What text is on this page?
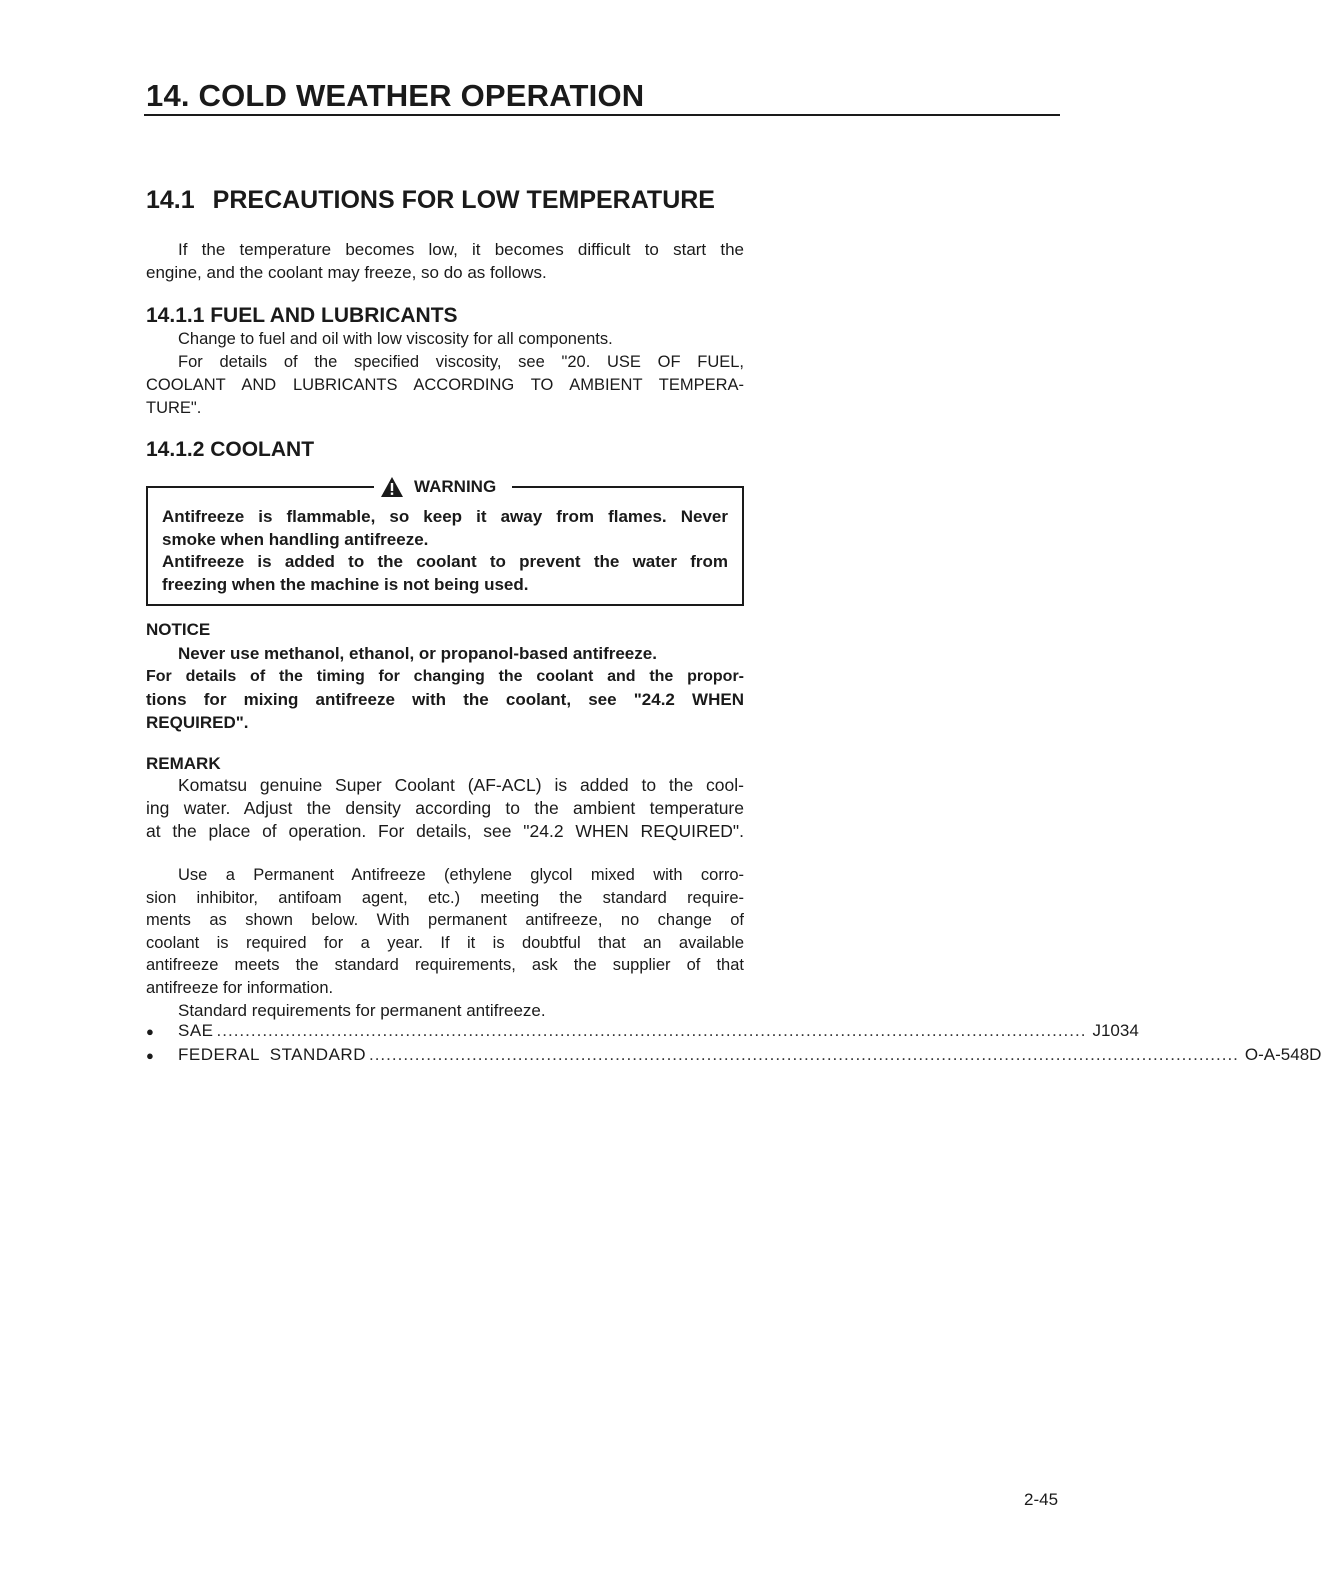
14. COLD WEATHER OPERATION
14.1 PRECAUTIONS FOR LOW TEMPERATURE
If the temperature becomes low, it becomes difficult to start the
engine, and the coolant may freeze, so do as follows.
14.1.1 FUEL AND LUBRICANTS
Change to fuel and oil with low viscosity for all components.
For details of the specified viscosity, see "20. USE OF FUEL,
COOLANT AND LUBRICANTS ACCORDING TO AMBIENT TEMPERA-
TURE".
14.1.2 COOLANT
WARNING
Antifreeze is flammable, so keep it away from flames. Never
smoke when handling antifreeze.
Antifreeze is added to the coolant to prevent the water from
freezing when the machine is not being used.
NOTICE
Never use methanol, ethanol, or propanol-based antifreeze.
For details of the timing for changing the coolant and the propor-
tions for mixing antifreeze with the coolant, see "24.2 WHEN
REQUIRED".
REMARK
Komatsu genuine Super Coolant (AF-ACL) is added to the cool-
ing water. Adjust the density according to the ambient temperature
at the place of operation. For details, see "24.2 WHEN REQUIRED".
Use a Permanent Antifreeze (ethylene glycol mixed with corro-
sion inhibitor, antifoam agent, etc.) meeting the standard require-
ments as shown below. With permanent antifreeze, no change of
coolant is required for a year. If it is doubtful that an available
antifreeze meets the standard requirements, ask the supplier of that
antifreeze for information.
Standard requirements for permanent antifreeze.
●	SAE ........................................................................................................................................................ J1034
●	FEDERAL  STANDARD ........................................................................................................................................................ O-A-548D
2-45
